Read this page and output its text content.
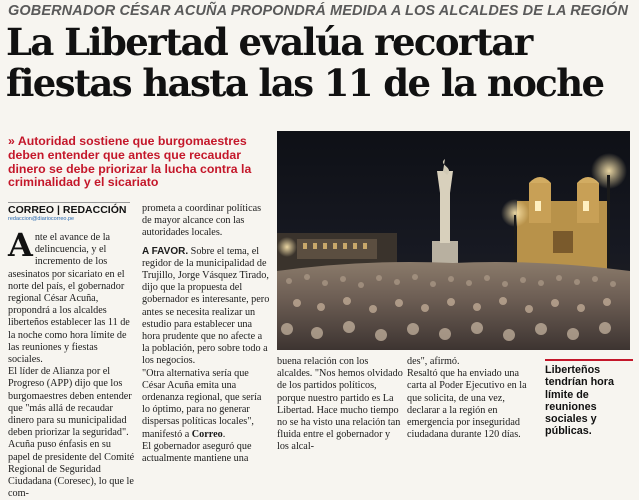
GOBERNADOR CÉSAR ACUÑA PROPONDRÁ MEDIDA A LOS ALCALDES DE LA REGIÓN
La Libertad evalúa recortar
fiestas hasta las 11 de la noche
» Autoridad sostiene que burgomaestres deben entender que antes que recaudar dinero se debe priorizar la lucha contra la criminalidad y el sicariato
CORREO | REDACCIÓN
redaccion@diariocorreo.pe

Ante el avance de la delincuencia, y el incremento de los asesinatos por sicariato en el norte del país, el gobernador regional César Acuña, propondrá a los alcaldes liberteños establecer las 11 de la noche como hora límite de las reuniones y fiestas sociales.

El líder de Alianza por el Progreso (APP) dijo que los burgomaestres deben entender que "más allá de recaudar dinero para su municipalidad deben priorizar la seguridad".

Acuña puso énfasis en su papel de presidente del Comité Regional de Seguridad Ciudadana (Coresec), lo que le com-

prometa a coordinar políticas de mayor alcance con las autoridades locales.

A FAVOR. Sobre el tema, el regidor de la municipalidad de Trujillo, Jorge Vásquez Tirado, dijo que la propuesta del gobernador es interesante, pero antes se necesita realizar un estudio para establecer una hora prudente que no afecte a la población, pero sobre todo a los negocios.

"Otra alternativa sería que César Acuña emita una ordenanza regional, que sería lo óptimo, para no generar dispersas políticas locales", manifestó a Correo.

El gobernador aseguró que actualmente mantiene una

buena relación con los alcaldes. "Nos hemos olvidado de los partidos políticos, porque nuestro partido es La Libertad. Hace mucho tiempo no se ha visto una relación tan fluida entre el gobernador y los alcal-

des", afirmó.

Resaltó que ha enviado una carta al Poder Ejecutivo en la que solicita, de una vez, declarar a la región en emergencia por inseguridad ciudadana durante 120 días.

Liberteños tendrían hora límite de reuniones sociales y públicas.
